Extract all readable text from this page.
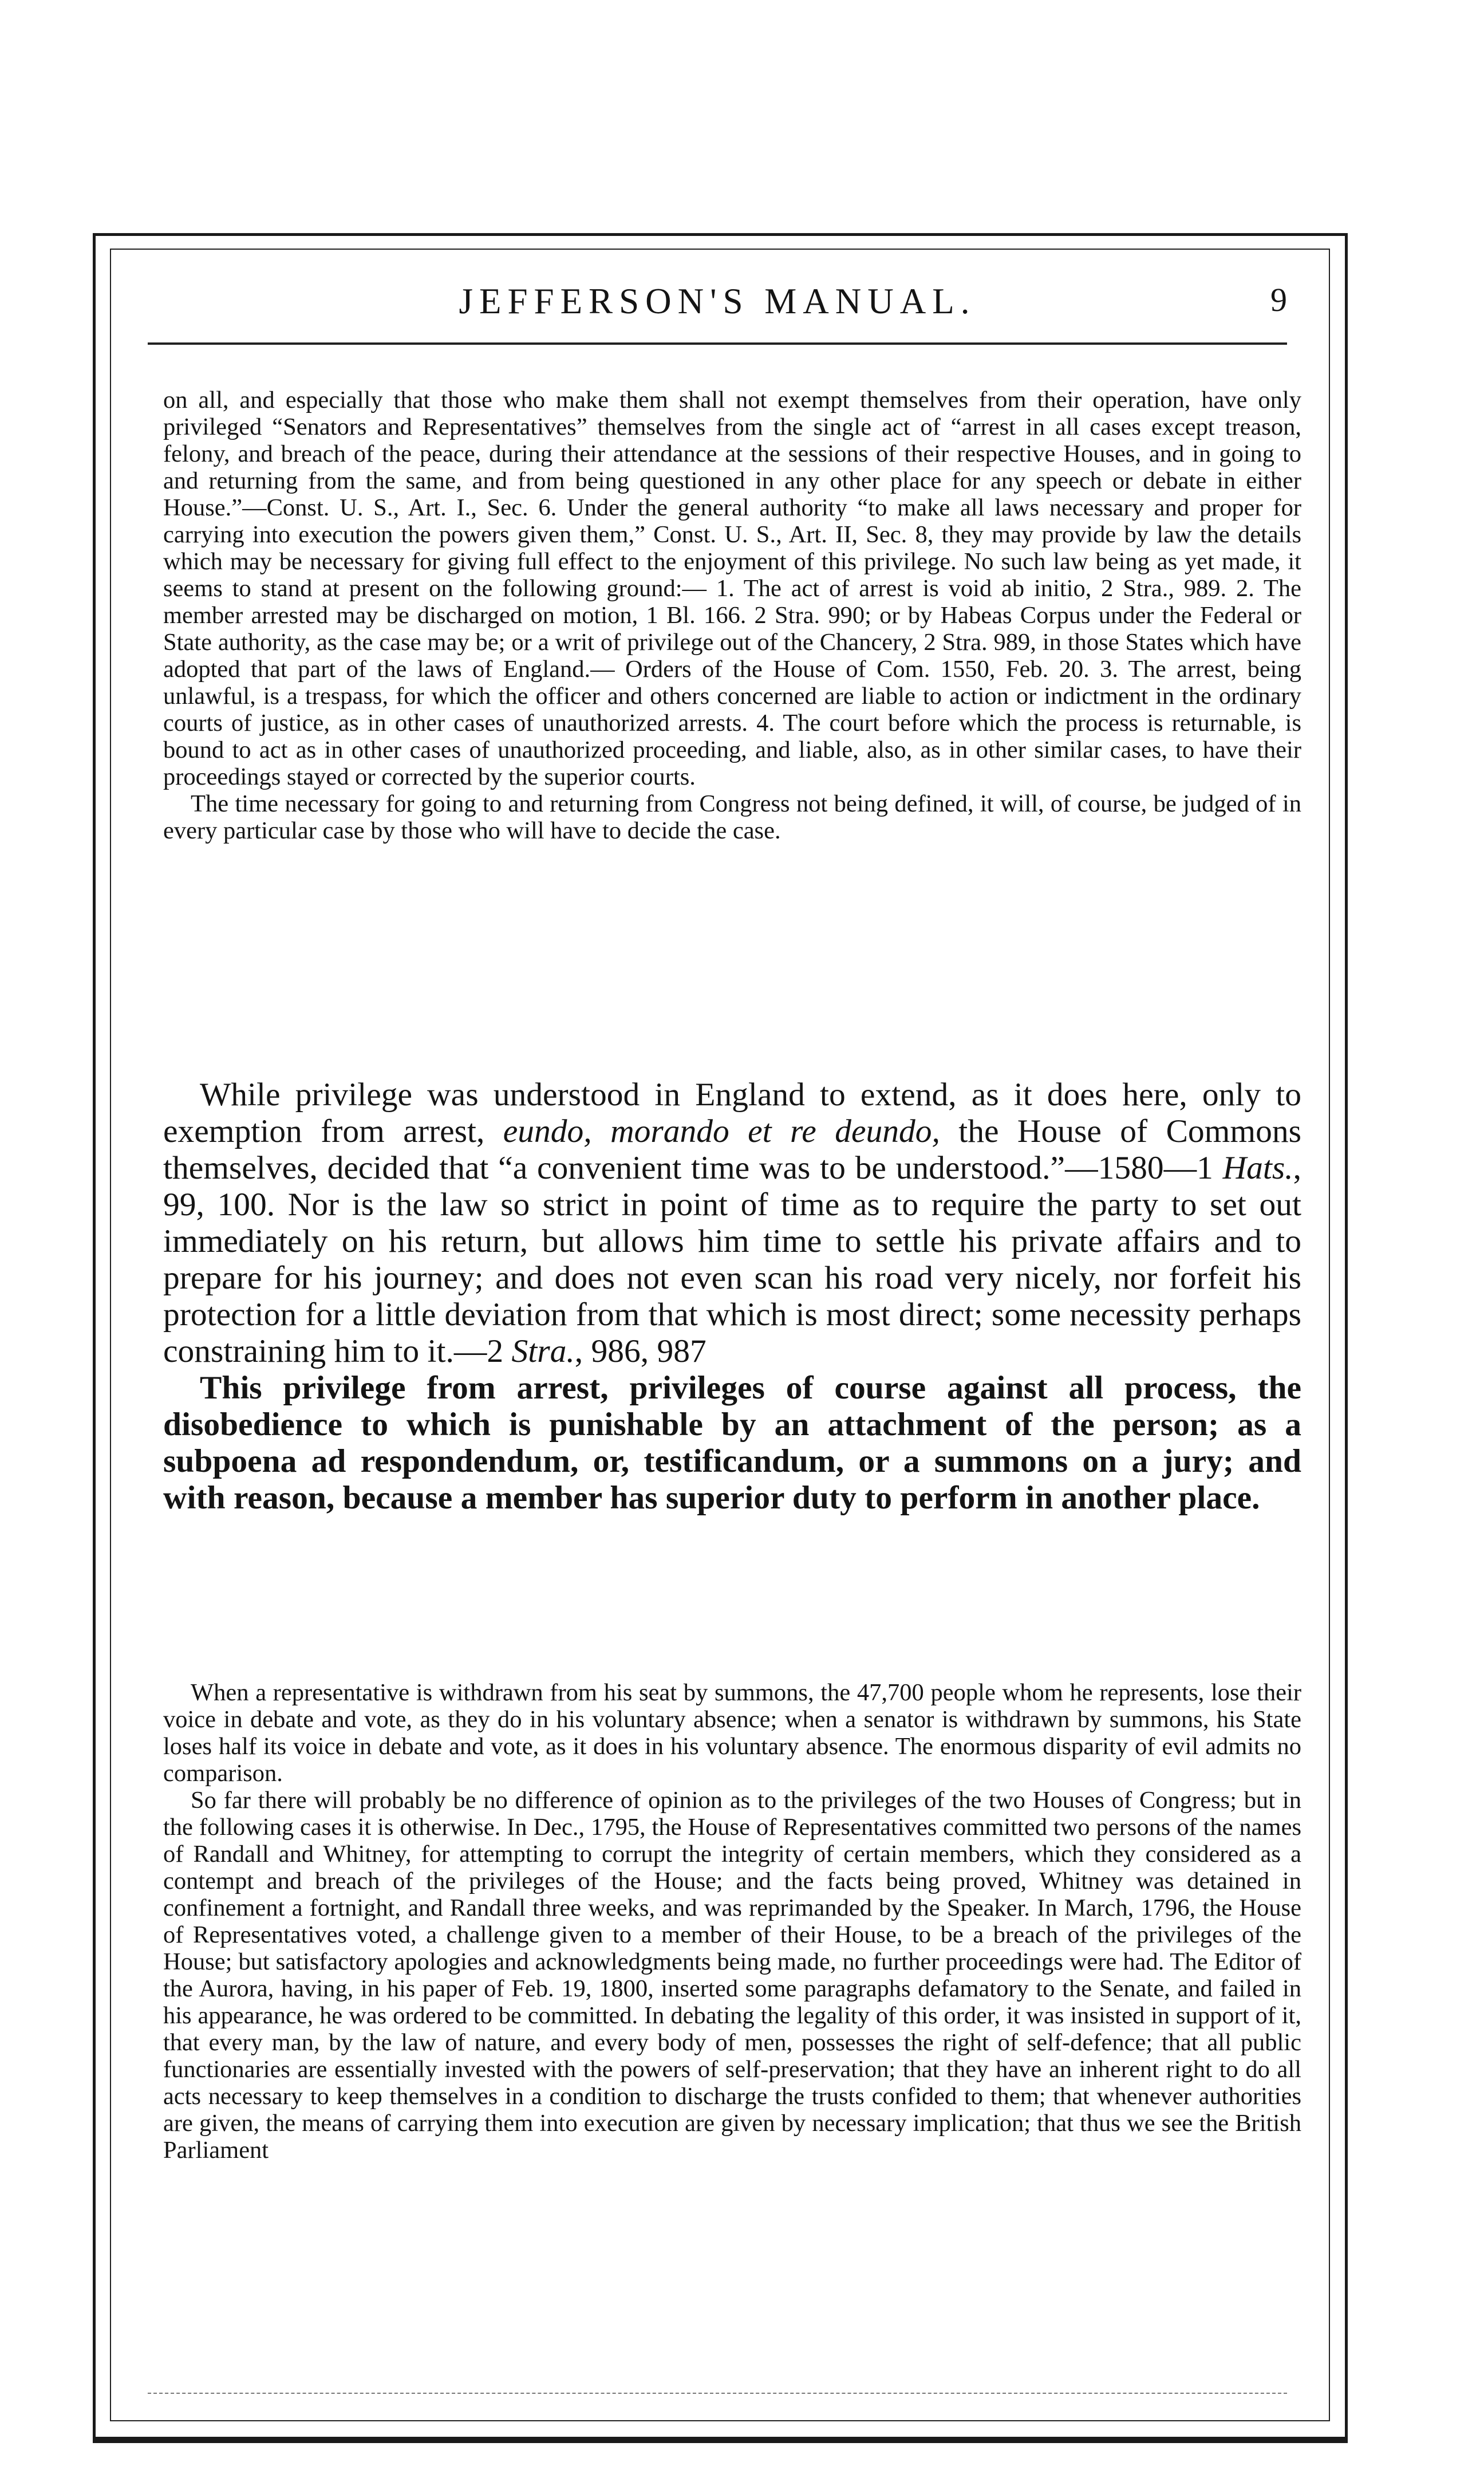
JEFFERSON'S MANUAL.	9

on all, and especially that those who make them shall not exempt themselves from their operation, have only privileged “Senators and Representatives” themselves from the single act of “arrest in all cases except treason, felony, and breach of the peace, during their attendance at the sessions of their respective Houses, and in going to and returning from the same, and from being questioned in any other place for any speech or debate in either House.”—Const. U. S., Art. I., Sec. 6. Under the general authority “to make all laws necessary and proper for carrying into execution the powers given them,” Const. U. S., Art. II, Sec. 8, they may provide by law the details which may be necessary for giving full effect to the enjoyment of this privilege. No such law being as yet made, it seems to stand at present on the following ground:— 1. The act of arrest is void ab initio, 2 Stra., 989. 2. The member arrested may be discharged on motion, 1 Bl. 166. 2 Stra. 990; or by Habeas Corpus under the Federal or State authority, as the case may be; or a writ of privilege out of the Chancery, 2 Stra. 989, in those States which have adopted that part of the laws of England.— Orders of the House of Com. 1550, Feb. 20. 3. The arrest, being unlawful, is a trespass, for which the officer and others concerned are liable to action or indictment in the ordinary courts of justice, as in other cases of unauthorized arrests. 4. The court before which the process is returnable, is bound to act as in other cases of unauthorized proceeding, and liable, also, as in other similar cases, to have their proceedings stayed or corrected by the superior courts.

The time necessary for going to and returning from Congress not being defined, it will, of course, be judged of in every particular case by those who will have to decide the case.

While privilege was understood in England to extend, as it does here, only to exemption from arrest, eundo, morando et re deundo, the House of Commons themselves, decided that “a convenient time was to be understood.”—1580—1 Hats., 99, 100. Nor is the law so strict in point of time as to require the party to set out immediately on his return, but allows him time to settle his private affairs and to prepare for his journey; and does not even scan his road very nicely, nor forfeit his protection for a little deviation from that which is most direct; some necessity perhaps constraining him to it.—2 Stra., 986, 987

This privilege from arrest, privileges of course against all process, the disobedience to which is punishable by an attachment of the person; as a subpoena ad respondendum, or, testificandum, or a summons on a jury; and with reason, because a member has superior duty to perform in another place.

When a representative is withdrawn from his seat by summons, the 47,700 people whom he represents, lose their voice in debate and vote, as they do in his voluntary absence; when a senator is withdrawn by summons, his State loses half its voice in debate and vote, as it does in his voluntary absence. The enormous disparity of evil admits no comparison.

So far there will probably be no difference of opinion as to the privileges of the two Houses of Congress; but in the following cases it is otherwise. In Dec., 1795, the House of Representatives committed two persons of the names of Randall and Whitney, for attempting to corrupt the integrity of certain members, which they considered as a contempt and breach of the privileges of the House; and the facts being proved, Whitney was detained in confinement a fortnight, and Randall three weeks, and was reprimanded by the Speaker. In March, 1796, the House of Representatives voted, a challenge given to a member of their House, to be a breach of the privileges of the House; but satisfactory apologies and acknowledgments being made, no further proceedings were had. The Editor of the Aurora, having, in his paper of Feb. 19, 1800, inserted some paragraphs defamatory to the Senate, and failed in his appearance, he was ordered to be committed. In debating the legality of this order, it was insisted in support of it, that every man, by the law of nature, and every body of men, possesses the right of self-defence; that all public functionaries are essentially invested with the powers of self-preservation; that they have an inherent right to do all acts necessary to keep themselves in a condition to discharge the trusts confided to them; that whenever authorities are given, the means of carrying them into execution are given by necessary implication; that thus we see the British Parliament
